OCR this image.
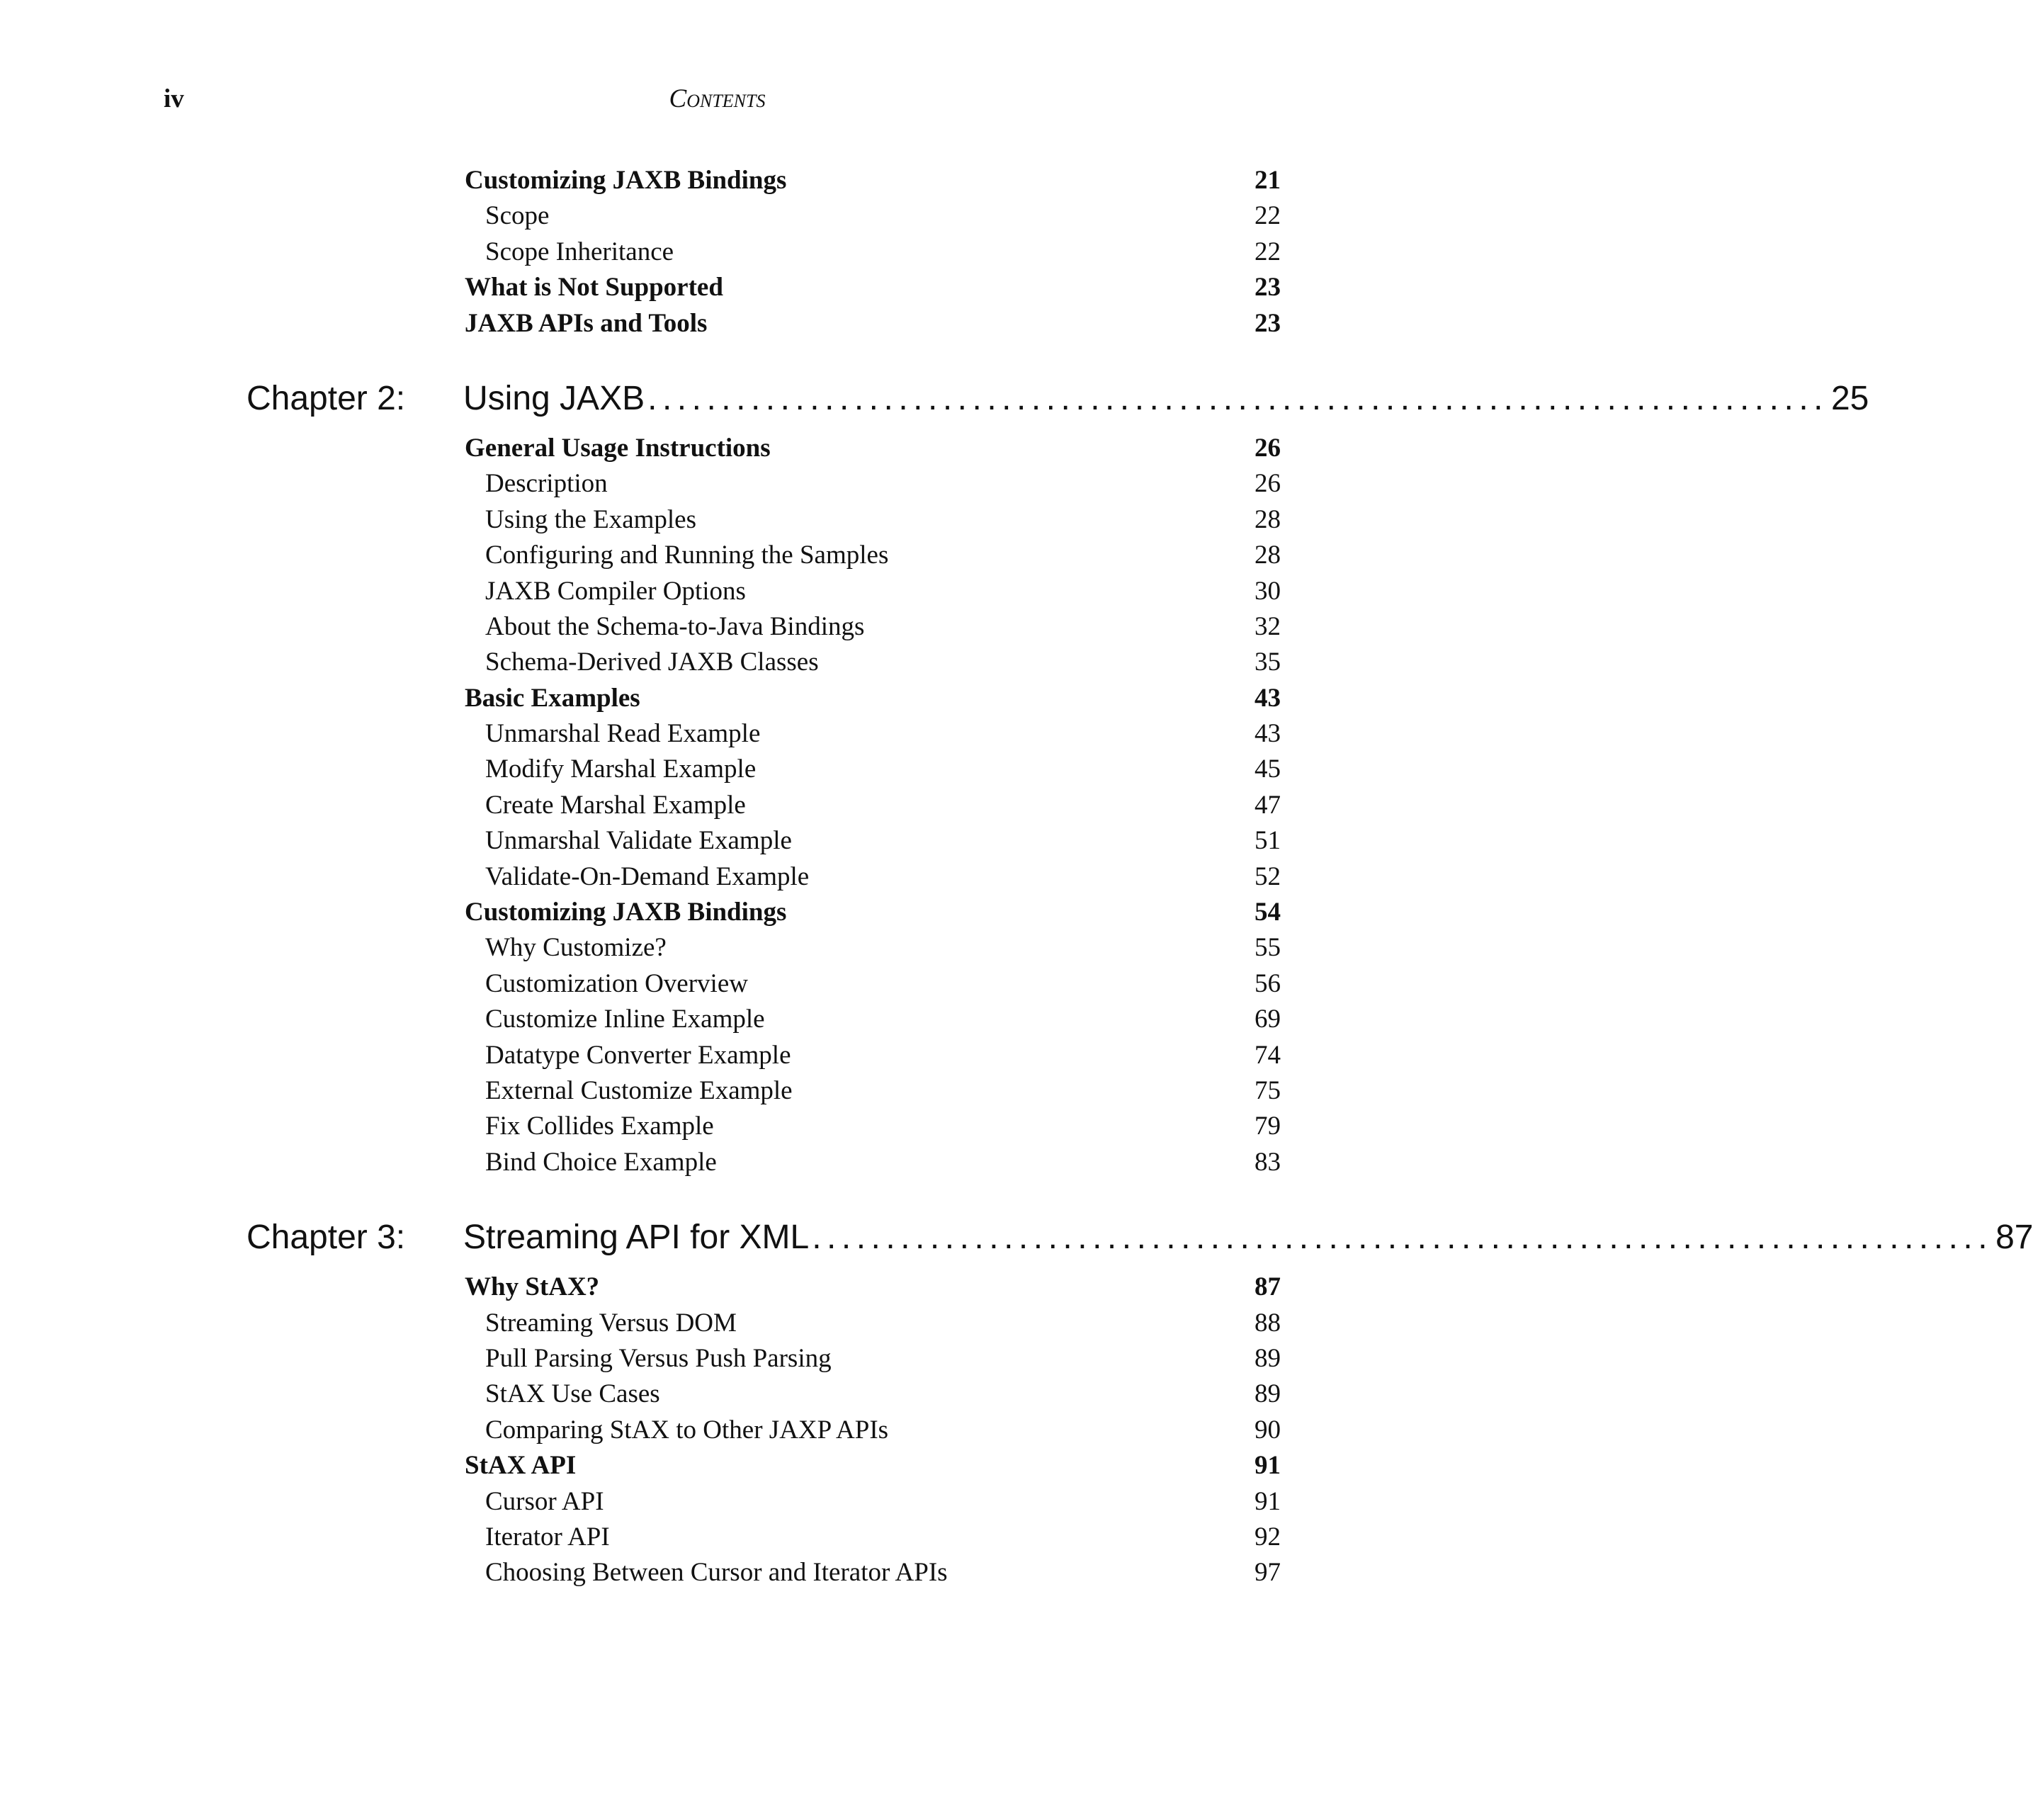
iv	Contents
Customizing JAXB Bindings	21
Scope	22
Scope Inheritance	22
What is Not Supported	23
JAXB APIs and Tools	23
Chapter 2:	Using JAXB ................................................................................ 25
General Usage Instructions	26
Description	26
Using the Examples	28
Configuring and Running the Samples	28
JAXB Compiler Options	30
About the Schema-to-Java Bindings	32
Schema-Derived JAXB Classes	35
Basic Examples	43
Unmarshal Read Example	43
Modify Marshal Example	45
Create Marshal Example	47
Unmarshal Validate Example	51
Validate-On-Demand Example	52
Customizing JAXB Bindings	54
Why Customize?	55
Customization Overview	56
Customize Inline Example	69
Datatype Converter Example	74
External Customize Example	75
Fix Collides Example	79
Bind Choice Example	83
Chapter 3:	Streaming API for XML ................................................................................ 87
Why StAX?	87
Streaming Versus DOM	88
Pull Parsing Versus Push Parsing	89
StAX Use Cases	89
Comparing StAX to Other JAXP APIs	90
StAX API	91
Cursor API	91
Iterator API	92
Choosing Between Cursor and Iterator APIs	97
